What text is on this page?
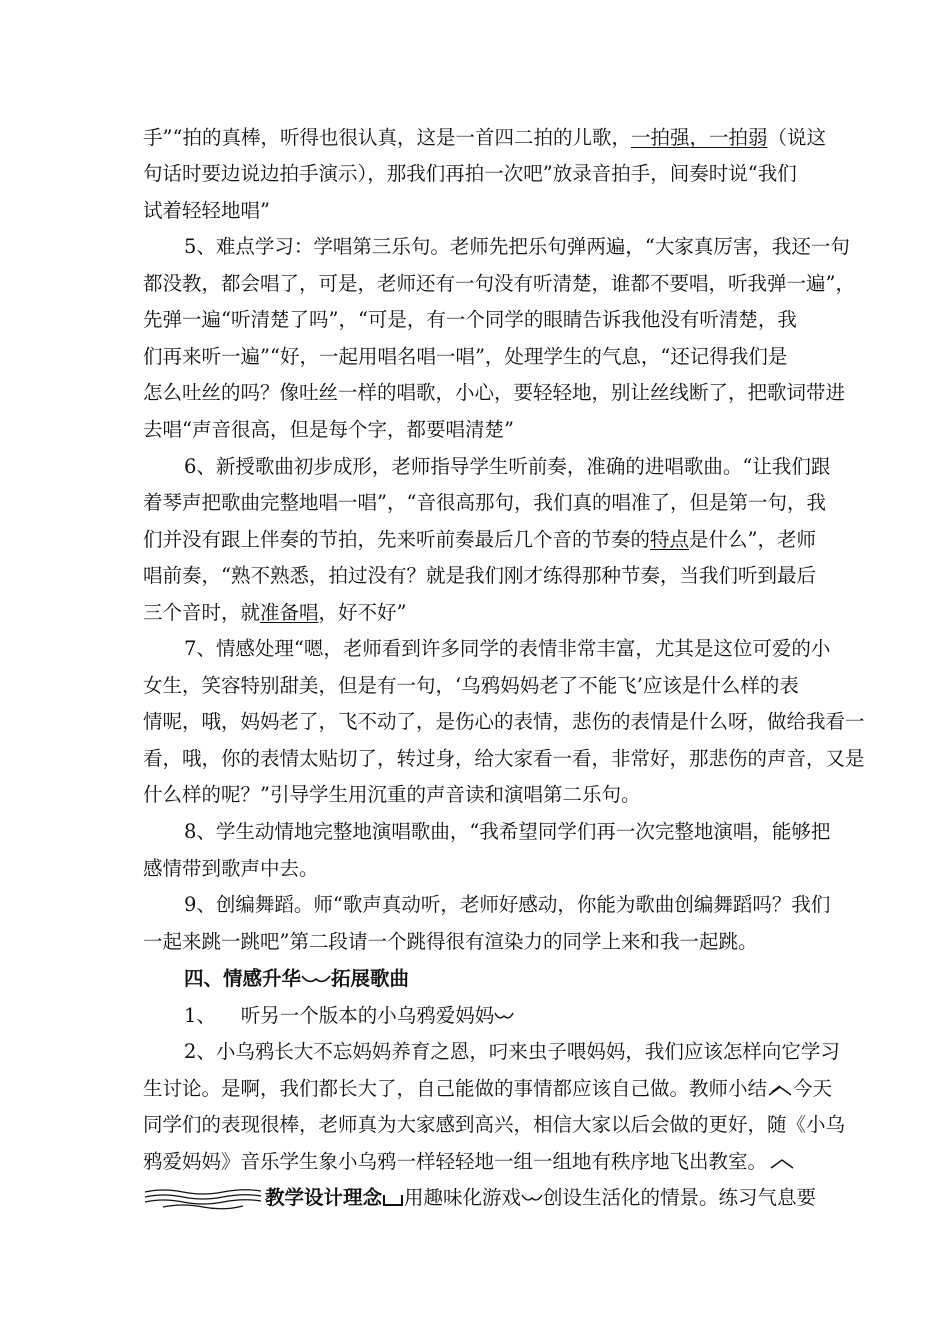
手”“拍的真棒，听得也很认真，这是一首四二拍的儿歌，一拍强，一拍弱（说这
句话时要边说边拍手演示），那我们再拍一次吧”放录音拍手，间奏时说“我们
试着轻轻地唱”
5、难点学习：学唱第三乐句。老师先把乐句弹两遍，“大家真厉害，我还一句
都没教，都会唱了，可是，老师还有一句没有听清楚，谁都不要唱，听我弹一遍”，
先弹一遍“听清楚了吗”，“可是，有一个同学的眼睛告诉我他没有听清楚，我
们再来听一遍”“好，一起用唱名唱一唱”，处理学生的气息，“还记得我们是
怎么吐丝的吗？像吐丝一样的唱歌，小心，要轻轻地，别让丝线断了，把歌词带进
去唱“声音很高，但是每个字，都要唱清楚”
6、新授歌曲初步成形，老师指导学生听前奏，准确的进唱歌曲。“让我们跟
着琴声把歌曲完整地唱一唱”，“音很高那句，我们真的唱准了，但是第一句，我
们并没有跟上伴奏的节拍，先来听前奏最后几个音的节奏的特点是什么”，老师
唱前奏，“熟不熟悉，拍过没有？就是我们刚才练得那种节奏，当我们听到最后
三个音时，就准备唱，好不好”
7、情感处理“嗯，老师看到许多同学的表情非常丰富，尤其是这位可爱的小
女生，笑容特别甜美，但是有一句，‘乌鸦妈妈老了不能飞’应该是什么样的表
情呢，哦，妈妈老了，飞不动了，是伤心的表情，悲伤的表情是什么呀，做给我看一
看，哦，你的表情太贴切了，转过身，给大家看一看，非常好，那悲伤的声音，又是
什么样的呢？”引导学生用沉重的声音读和演唱第二乐句。
8、学生动情地完整地演唱歌曲，“我希望同学们再一次完整地演唱，能够把
感情带到歌声中去。
9、创编舞蹈。师“歌声真动听，老师好感动，你能为歌曲创编舞蹈吗？我们
一起来跳一跳吧”第二段请一个跳得很有渲染力的同学上来和我一起跳。
四、情感升华 拓展歌曲
1、    听另一个版本的小乌鸦爱妈妈
2、小乌鸦长大不忘妈妈养育之恩，叼来虫子喂妈妈，我们应该怎样向它学习
生讨论。是啊，我们都长大了，自己能做的事情都应该自己做。教师小结 今天
同学们的表现很棒，老师真为大家感到高兴，相信大家以后会做的更好，随《小乌
鸦爱妈妈》音乐学生象小乌鸦一样轻轻地一组一组地有秩序地飞出教室。
教学设计理念 用趣味化游戏 创设生活化的情景。练习气息要
